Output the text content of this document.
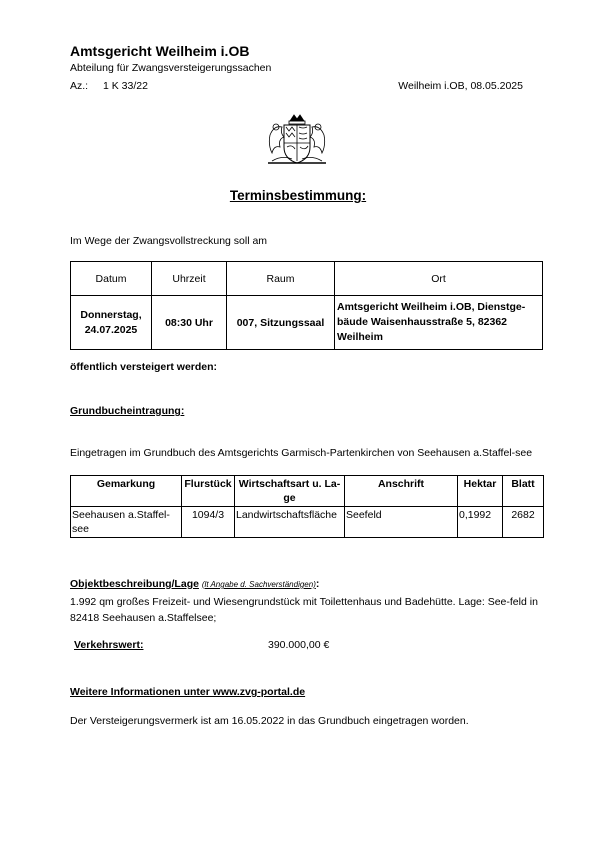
Amtsgericht Weilheim i.OB
Abteilung für Zwangsversteigerungssachen
Az.: 1 K 33/22	Weilheim i.OB, 08.05.2025
Terminsbestimmung:
Im Wege der Zwangsvollstreckung soll am
Datum	Uhrzeit	Raum	Ort
Donnerstag, 24.07.2025	08:30 Uhr	007, Sitzungssaal	Amtsgericht Weilheim i.OB, Dienstge-bäude Waisenhausstraße 5, 82362 Weilheim
öffentlich versteigert werden:
Grundbucheintragung:
Eingetragen im Grundbuch des Amtsgerichts Garmisch-Partenkirchen von Seehausen a.Staffel-see
Gemarkung	Flurstück	Wirtschaftsart u. La-ge	Anschrift	Hektar	Blatt
Seehausen a.Staffel-see	1094/3	Landwirtschaftsfläche	Seefeld	0,1992	2682
Objektbeschreibung/Lage (lt Angabe d. Sachverständigen):
1.992 qm großes Freizeit- und Wiesengrundstück mit Toilettenhaus und Badehütte. Lage: See-feld in 82418 Seehausen a.Staffelsee;
Verkehrswert:	390.000,00 €
Weitere Informationen unter www.zvg-portal.de
Der Versteigerungsvermerk ist am 16.05.2022 in das Grundbuch eingetragen worden.
